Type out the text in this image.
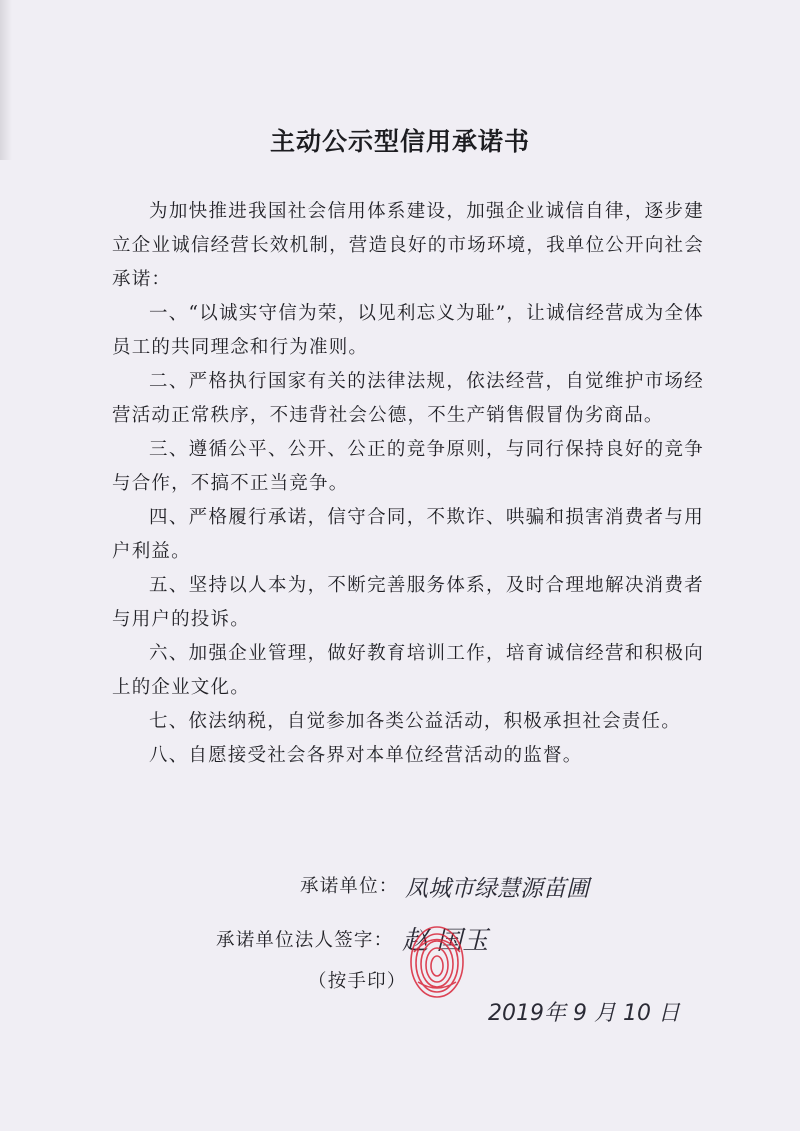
主动公示型信用承诺书

为加快推进我国社会信用体系建设，加强企业诚信自律，逐步建立企业诚信经营长效机制，营造良好的市场环境，我单位公开向社会承诺：

一、“以诚实守信为荣，以见利忘义为耻”，让诚信经营成为全体员工的共同理念和行为准则。

二、严格执行国家有关的法律法规，依法经营，自觉维护市场经营活动正常秩序，不违背社会公德，不生产销售假冒伪劣商品。

三、遵循公平、公开、公正的竞争原则，与同行保持良好的竞争与合作，不搞不正当竞争。

四、严格履行承诺，信守合同，不欺诈、哄骗和损害消费者与用户利益。

五、坚持以人本为，不断完善服务体系，及时合理地解决消费者与用户的投诉。

六、加强企业管理，做好教育培训工作，培育诚信经营和积极向上的企业文化。

七、依法纳税，自觉参加各类公益活动，积极承担社会责任。

八、自愿接受社会各界对本单位经营活动的监督。

承诺单位： 凤城市绿慧源苗圃
承诺单位法人签字： 赵 国玉
（按手印）
2019年 9 月 10 日
